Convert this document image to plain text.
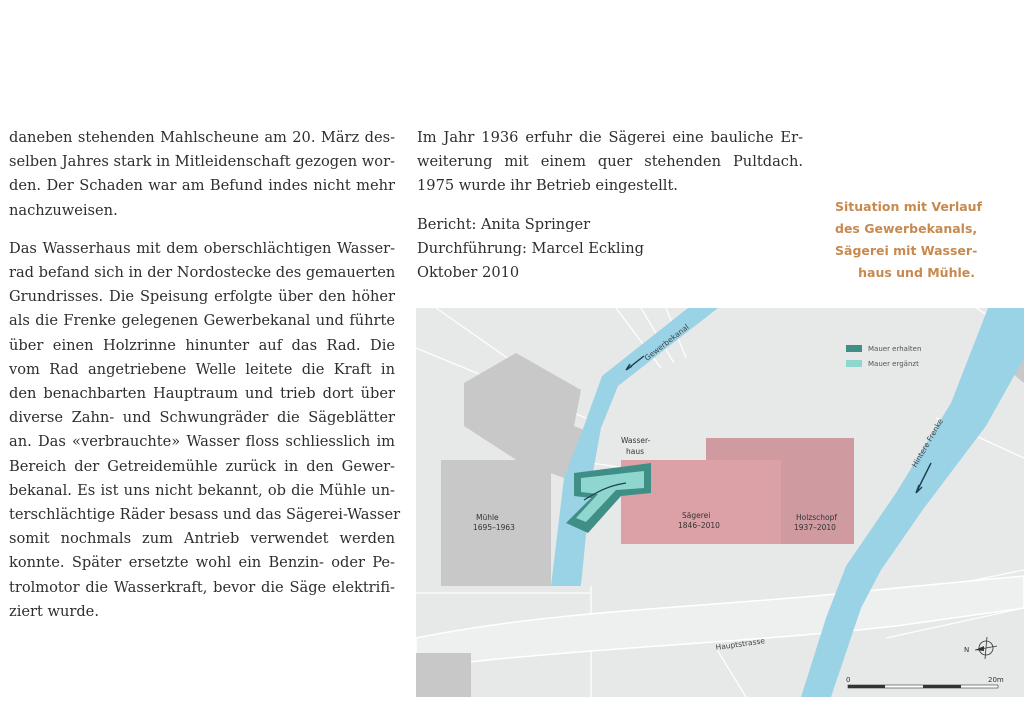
daneben stehenden Mahlscheune am 20. März des-
selben Jahres stark in Mitleidenschaft gezogen wor-
den. Der Schaden war am Befund indes nicht mehr
nachzuweisen.
Das Wasserhaus mit dem oberschlächtigen Wasser-
rad befand sich in der Nordostecke des gemauerten
Grundrisses. Die Speisung erfolgte über den höher
als die Frenke gelegenen Gewerbekanal und führte
über einen Holzrinne hinunter auf das Rad. Die
vom Rad angetriebene Welle leitete die Kraft in
den benachbarten Hauptraum und trieb dort über
diverse Zahn- und Schwungräder die Sägeblätter
an. Das «verbrauchte» Wasser floss schliesslich im
Bereich der Getreidemühle zurück in den Gewer-
bekanal. Es ist uns nicht bekannt, ob die Mühle un-
terschlächtige Räder besass und das Sägerei-Wasser
somit nochmals zum Antrieb verwendet werden
konnte. Später ersetzte wohl ein Benzin- oder Pe-
trolmotor die Wasserkraft, bevor die Säge elektrifi-
ziert wurde.
Im Jahr 1936 erfuhr die Sägerei eine bauliche Er-
weiterung mit einem quer stehenden Pultdach.
1975 wurde ihr Betrieb eingestellt.
Bericht: Anita Springer
Durchführung: Marcel Eckling
Oktober 2010
Situation mit Verlauf
des Gewerbekanals,
Sägerei mit Wasser-
haus und Mühle.
Mauer erhalten
Mauer ergänzt
Gewerbekanal
Hintere Frenke
Hauptstrasse
Wasser-
haus
Mühle
1695–1963
Sägerei
1846–2010
Holzschopf
1937–2010
N
0	20m
